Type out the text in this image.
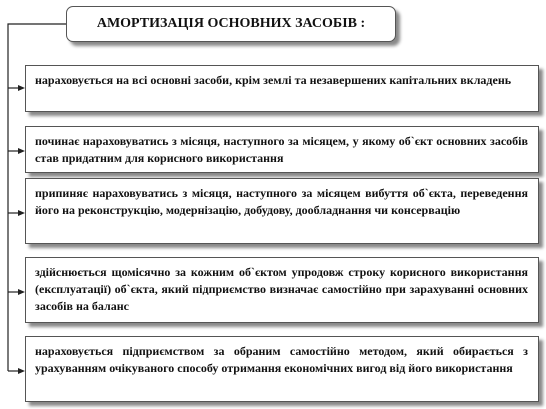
АМОРТИЗАЦІЯ ОСНОВНИХ ЗАСОБІВ :
нараховується на всі основні засоби, крім землі та незавершених капітальних вкладень
починає нараховуватись з місяця, наступного за місяцем, у якому об`єкт основних засобів став придатним для корисного використання
припиняє нараховуватись з місяця, наступного за місяцем вибуття об`єкта, переведення його на реконструкцію, модернізацію, добудову, дообладнання чи консервацію
здійснюється щомісячно за кожним об`єктом упродовж строку корисного використання (експлуатації) об`єкта, який підприємство визначає самостійно при зарахуванні основних засобів на баланс
нараховується підприємством за обраним самостійно методом, який обирається з урахуванням очікуваного способу отримання економічних вигод від його використання
